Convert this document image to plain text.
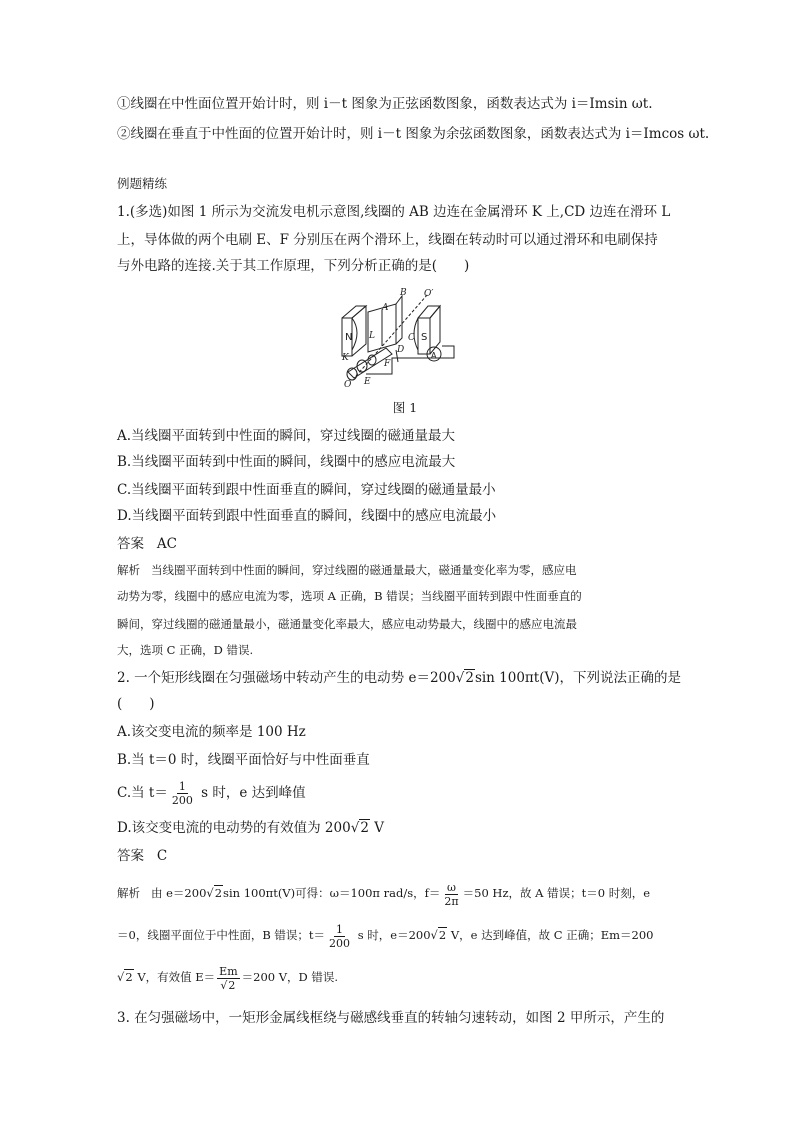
①线圈在中性面位置开始计时，则 i－t 图象为正弦函数图象，函数表达式为 i＝Imsin ωt.
②线圈在垂直于中性面的位置开始计时，则 i－t 图象为余弦函数图象，函数表达式为 i＝Imcos ωt.
例题精练
1.(多选)如图 1 所示为交流发电机示意图,线圈的 AB 边连在金属滑环 K 上,CD 边连在滑环 L
上，导体做的两个电刷 E、F 分别压在两个滑环上，线圈在转动时可以通过滑环和电刷保持
与外电路的连接.关于其工作原理，下列分析正确的是(　　)
B O′
A
L	C
D
K
F
E
O
N	S
A
图 1
A.当线圈平面转到中性面的瞬间，穿过线圈的磁通量最大
B.当线圈平面转到中性面的瞬间，线圈中的感应电流最大
C.当线圈平面转到跟中性面垂直的瞬间，穿过线圈的磁通量最小
D.当线圈平面转到跟中性面垂直的瞬间，线圈中的感应电流最小
答案 AC
解析 当线圈平面转到中性面的瞬间，穿过线圈的磁通量最大，磁通量变化率为零，感应电
动势为零，线圈中的感应电流为零，选项 A 正确，B 错误；当线圈平面转到跟中性面垂直的
瞬间，穿过线圈的磁通量最小，磁通量变化率最大，感应电动势最大，线圈中的感应电流最
大，选项 C 正确，D 错误.
2. 一个矩形线圈在匀强磁场中转动产生的电动势 e＝200√2sin 100πt(V)，下列说法正确的是
(　　)
A.该交变电流的频率是 100 Hz
B.当 t＝0 时，线圈平面恰好与中性面垂直
C.当 $t= \frac{1}{200}$ s 时，e 达到峰值
D.该交变电流的电动势的有效值为 200√2 V
答案 C
解析 由 e＝200√2sin 100πt(V)可得：ω＝100π rad/s，$f= \frac{\omega}{2\pi} =50$ Hz，故 A 错误；t＝0 时刻，e
＝0，线圈平面位于中性面，B 错误；$t= \frac{1}{200}$ s 时，e＝200√2 V，e 达到峰值，故 C 正确；Em＝200
√2 V，有效值 $E= \frac{Em}{√2} =200$ V，D 错误.
3. 在匀强磁场中，一矩形金属线框绕与磁感线垂直的转轴匀速转动，如图 2 甲所示，产生的
